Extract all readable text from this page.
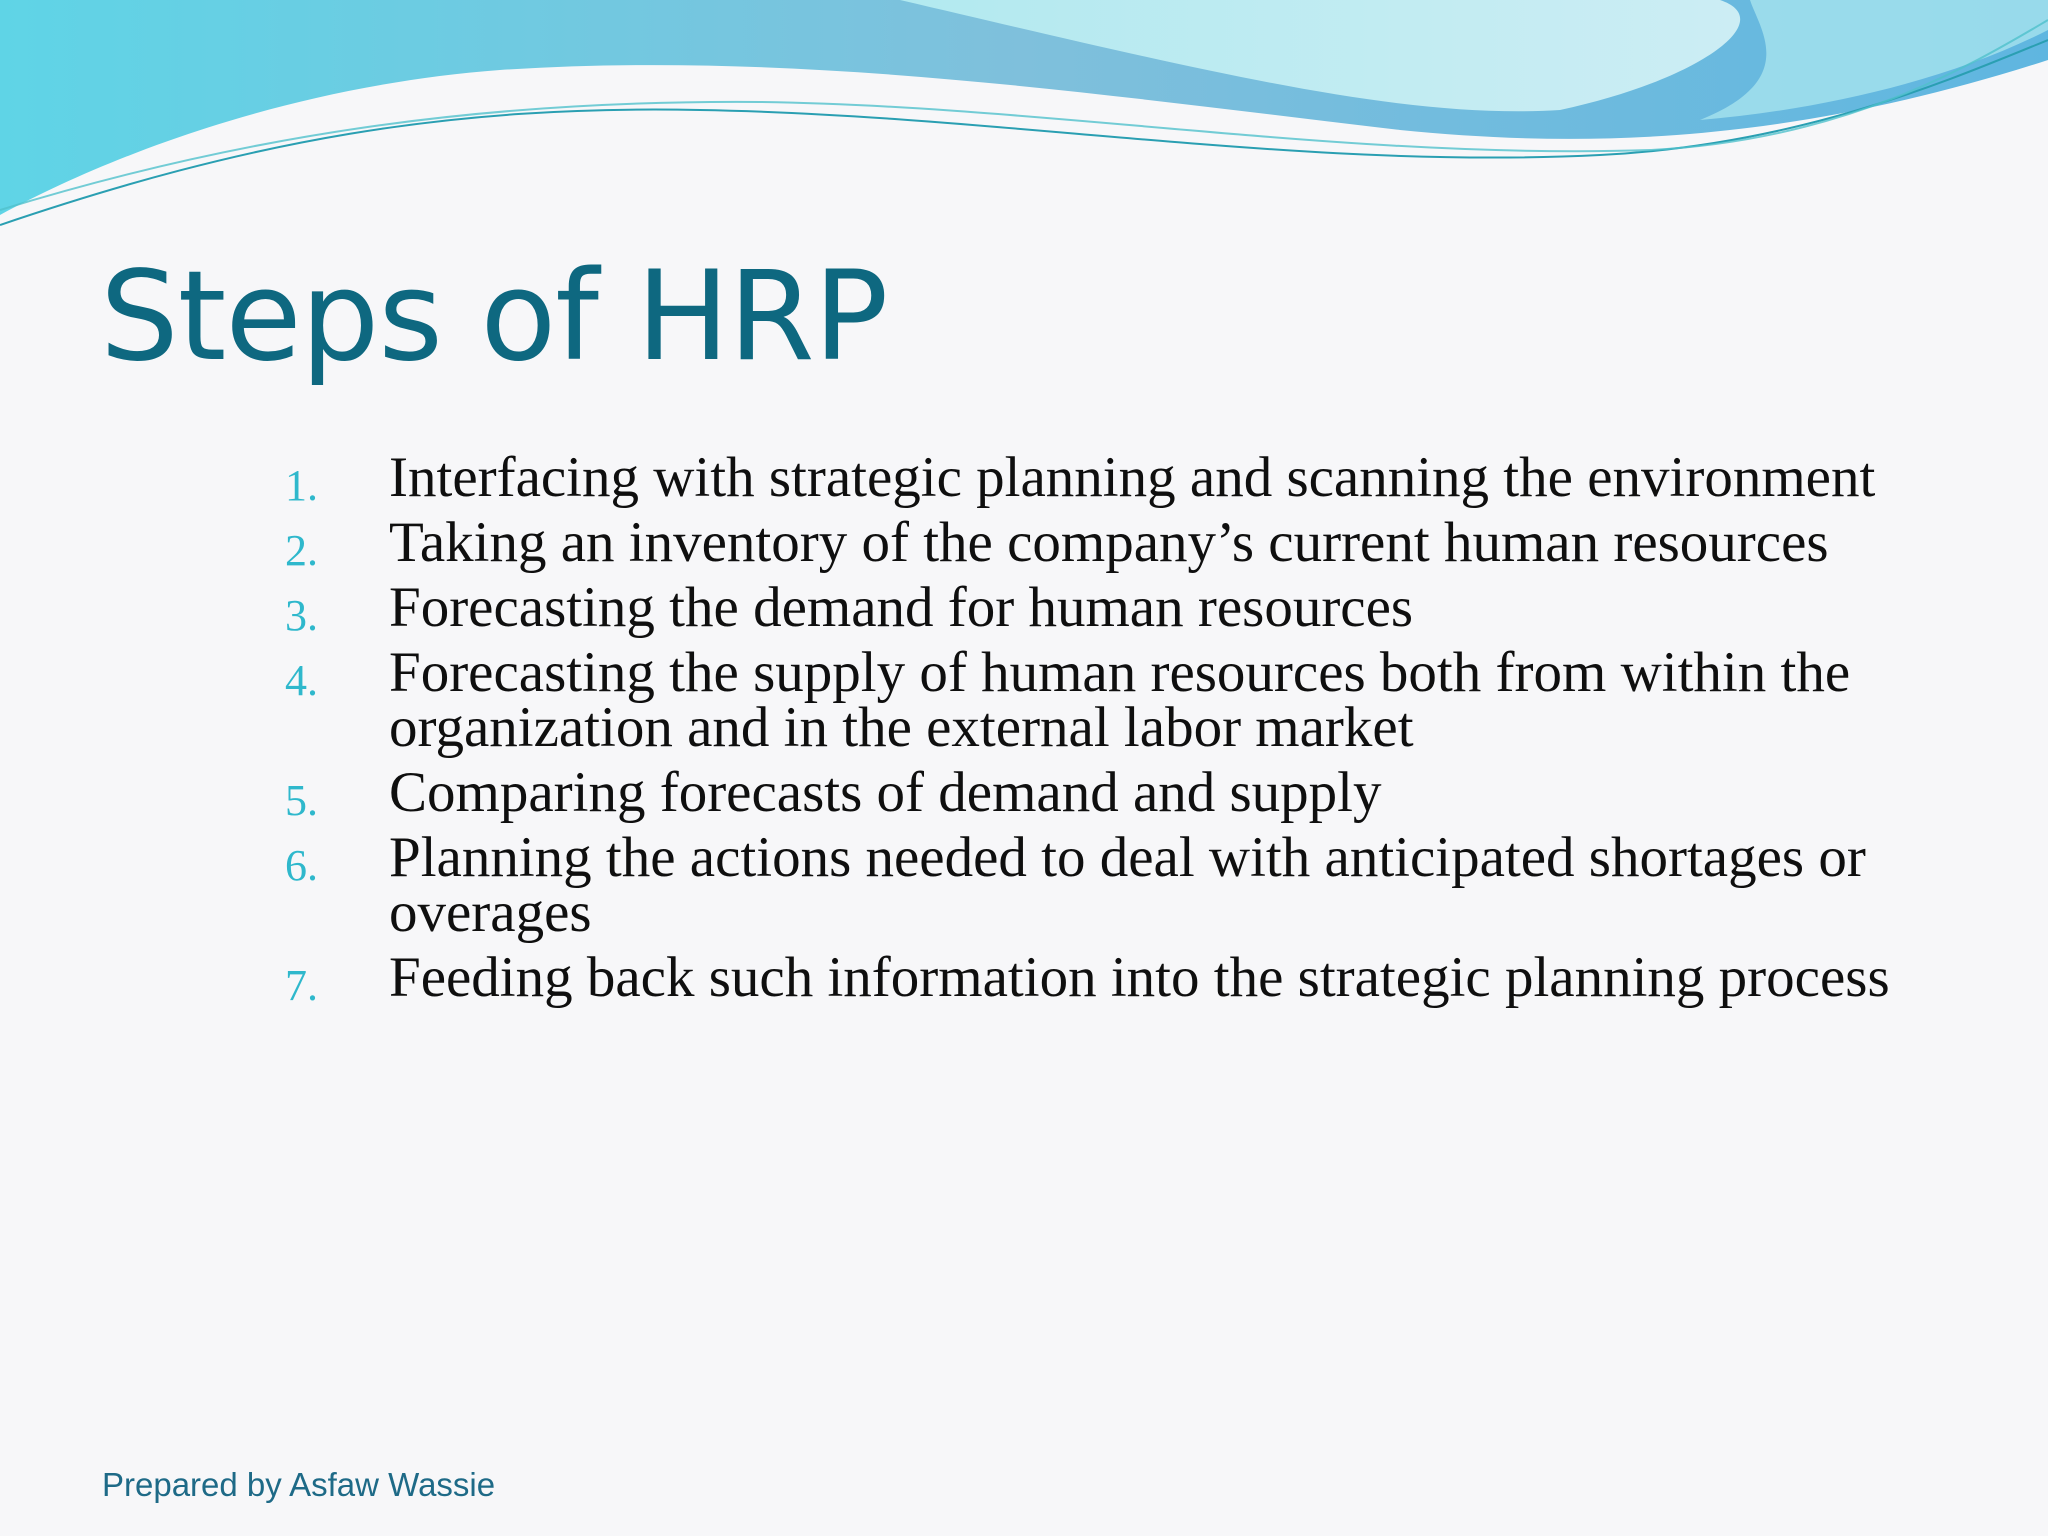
Steps of HRP
1. Interfacing with strategic planning and scanning the environment
2. Taking an inventory of the company’s current human resources
3. Forecasting the demand for human resources
4. Forecasting the supply of human resources both from within the organization and in the external labor market
5. Comparing forecasts of demand and supply
6. Planning the actions needed to deal with anticipated shortages or overages
7. Feeding back such information into the strategic planning process
Prepared by Asfaw Wassie
